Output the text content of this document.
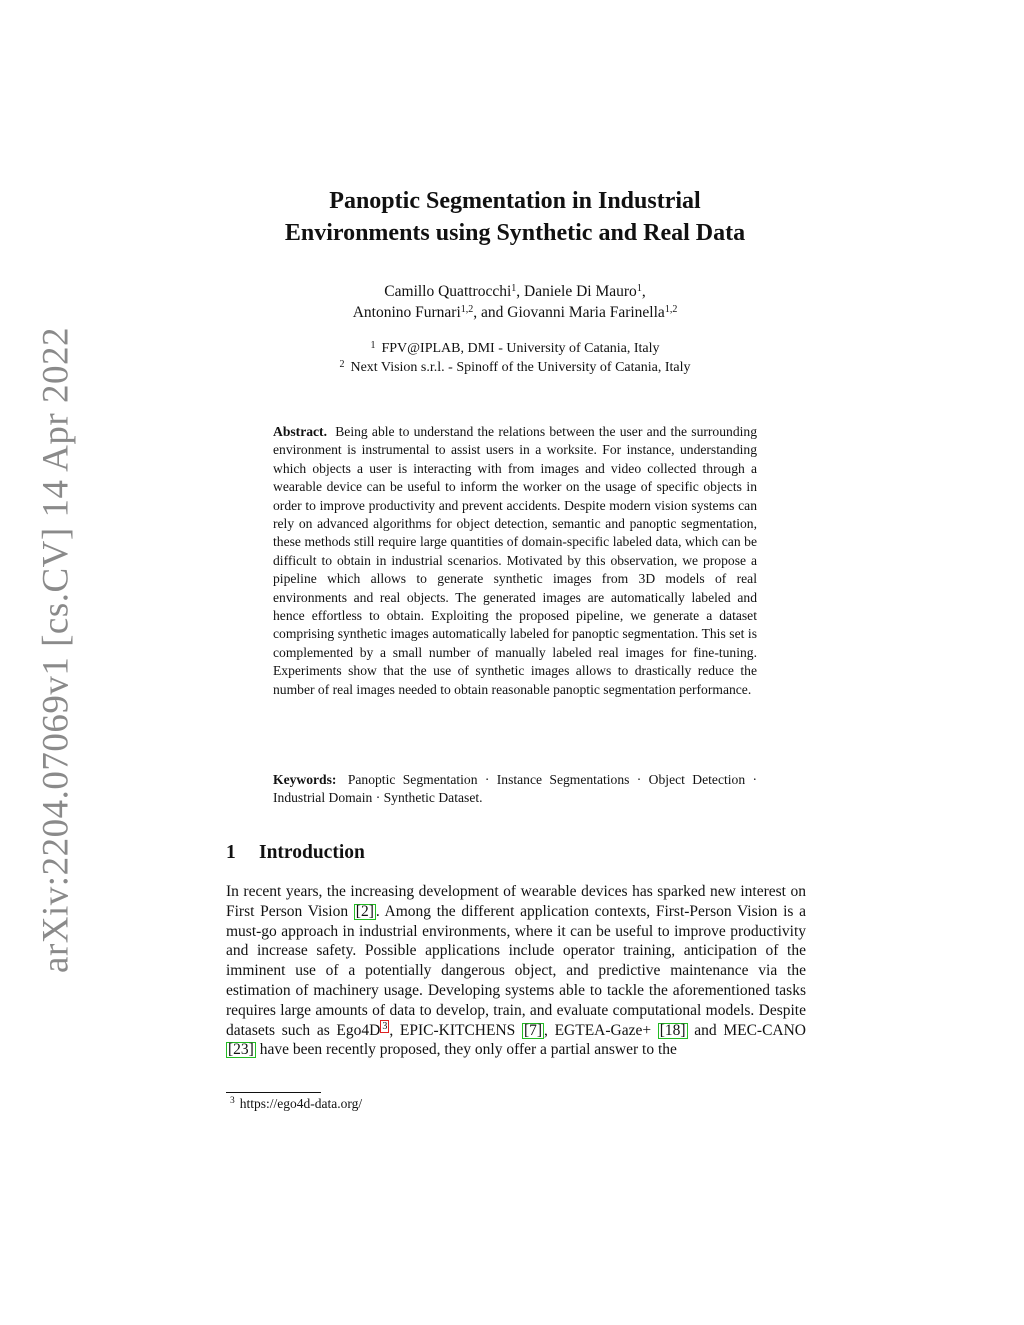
arXiv:2204.07069v1 [cs.CV] 14 Apr 2022
Panoptic Segmentation in Industrial
Environments using Synthetic and Real Data
Camillo Quattrocchi$^1$, Daniele Di Mauro$^1$,
Antonino Furnari$^{1,2}$, and Giovanni Maria Farinella$^{1,2}$
$^1$ FPV@IPLAB, DMI - University of Catania, Italy
$^2$ Next Vision s.r.l. - Spinoff of the University of Catania, Italy
Abstract. Being able to understand the relations between the user and the surrounding environment is instrumental to assist users in a worksite. For instance, understanding which objects a user is interacting with from images and video collected through a wearable device can be useful to inform the worker on the usage of specific objects in order to improve productivity and prevent accidents. Despite modern vision systems can rely on advanced algorithms for object detection, semantic and panoptic segmentation, these methods still require large quantities of domain-specific labeled data, which can be difficult to obtain in industrial scenarios. Motivated by this observation, we propose a pipeline which allows to generate synthetic images from 3D models of real environments and real objects. The generated images are automatically labeled and hence effortless to obtain. Exploiting the proposed pipeline, we generate a dataset comprising synthetic images automatically labeled for panoptic segmentation. This set is complemented by a small number of manually labeled real images for fine-tuning. Experiments show that the use of synthetic images allows to drastically reduce the number of real images needed to obtain reasonable panoptic segmentation performance.
Keywords: Panoptic Segmentation · Instance Segmentations · Object Detection · Industrial Domain · Synthetic Dataset.
1 Introduction
In recent years, the increasing development of wearable devices has sparked new interest on First Person Vision [2] . Among the different application contexts, First-Person Vision is a must-go approach in industrial environments, where it can be useful to improve productivity and increase safety. Possible applications include operator training, anticipation of the imminent use of a potentially dangerous object, and predictive maintenance via the estimation of machinery usage. Developing systems able to tackle the aforementioned tasks requires large amounts of data to develop, train, and evaluate computational models. Despite datasets such as Ego4D 3 , EPIC-KITCHENS [7] , EGTEA-Gaze+ [18] and MEC-CANO [23] have been recently proposed, they only offer a partial answer to the
$^3$ https://ego4d-data.org/
